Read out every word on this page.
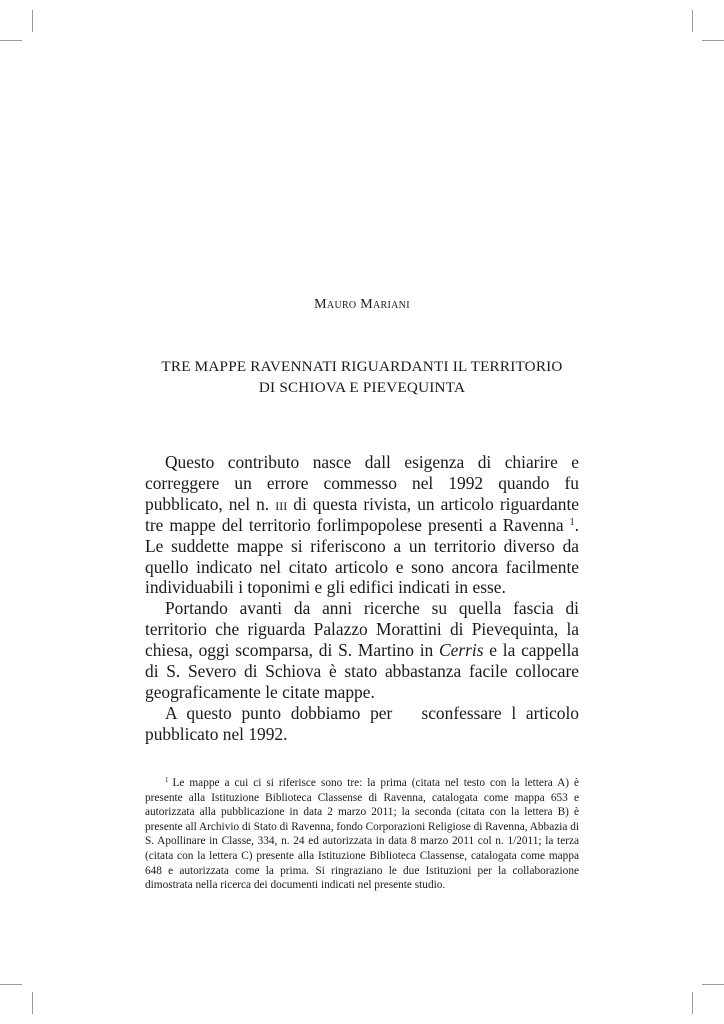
Mauro Mariani
TRE MAPPE RAVENNATI RIGUARDANTI IL TERRITORIO
DI SCHIOVA E PIEVEQUINTA

Questo contributo nasce dall esigenza di chiarire e correggere un errore commesso nel 1992 quando fu pubblicato, nel n. iii di questa rivista, un articolo riguardante tre mappe del territorio forlimpopolese presenti a Ravenna $^1$. Le suddette mappe si riferiscono a un territorio diverso da quello indicato nel citato articolo e sono ancora facilmente individuabili i toponimi e gli edifici indicati in esse.

Portando avanti da anni ricerche su quella fascia di territorio che riguarda Palazzo Morattini di Pievequinta, la chiesa, oggi scomparsa, di S. Martino in Cerris e la cappella di S. Severo di Schiova è stato abbastanza facile collocare geograficamente le citate mappe.

A questo punto dobbiamo per   sconfessare l articolo pubblicato nel 1992.

$^1$ Le mappe a cui ci si riferisce sono tre: la prima (citata nel testo con la lettera A) è presente alla Istituzione Biblioteca Classense di Ravenna, catalogata come mappa 653 e autorizzata alla pubblicazione in data 2 marzo 2011; la seconda (citata con la lettera B) è presente all Archivio di Stato di Ravenna, fondo Corporazioni Religiose di Ravenna, Abbazia di S. Apollinare in Classe, 334, n. 24 ed autorizzata in data 8 marzo 2011 col n. 1/2011; la terza (citata con la lettera C) presente alla Istituzione Biblioteca Classense, catalogata come mappa 648 e autorizzata come la prima. Si ringraziano le due Istituzioni per la collaborazione dimostrata nella ricerca dei documenti indicati nel presente studio.
